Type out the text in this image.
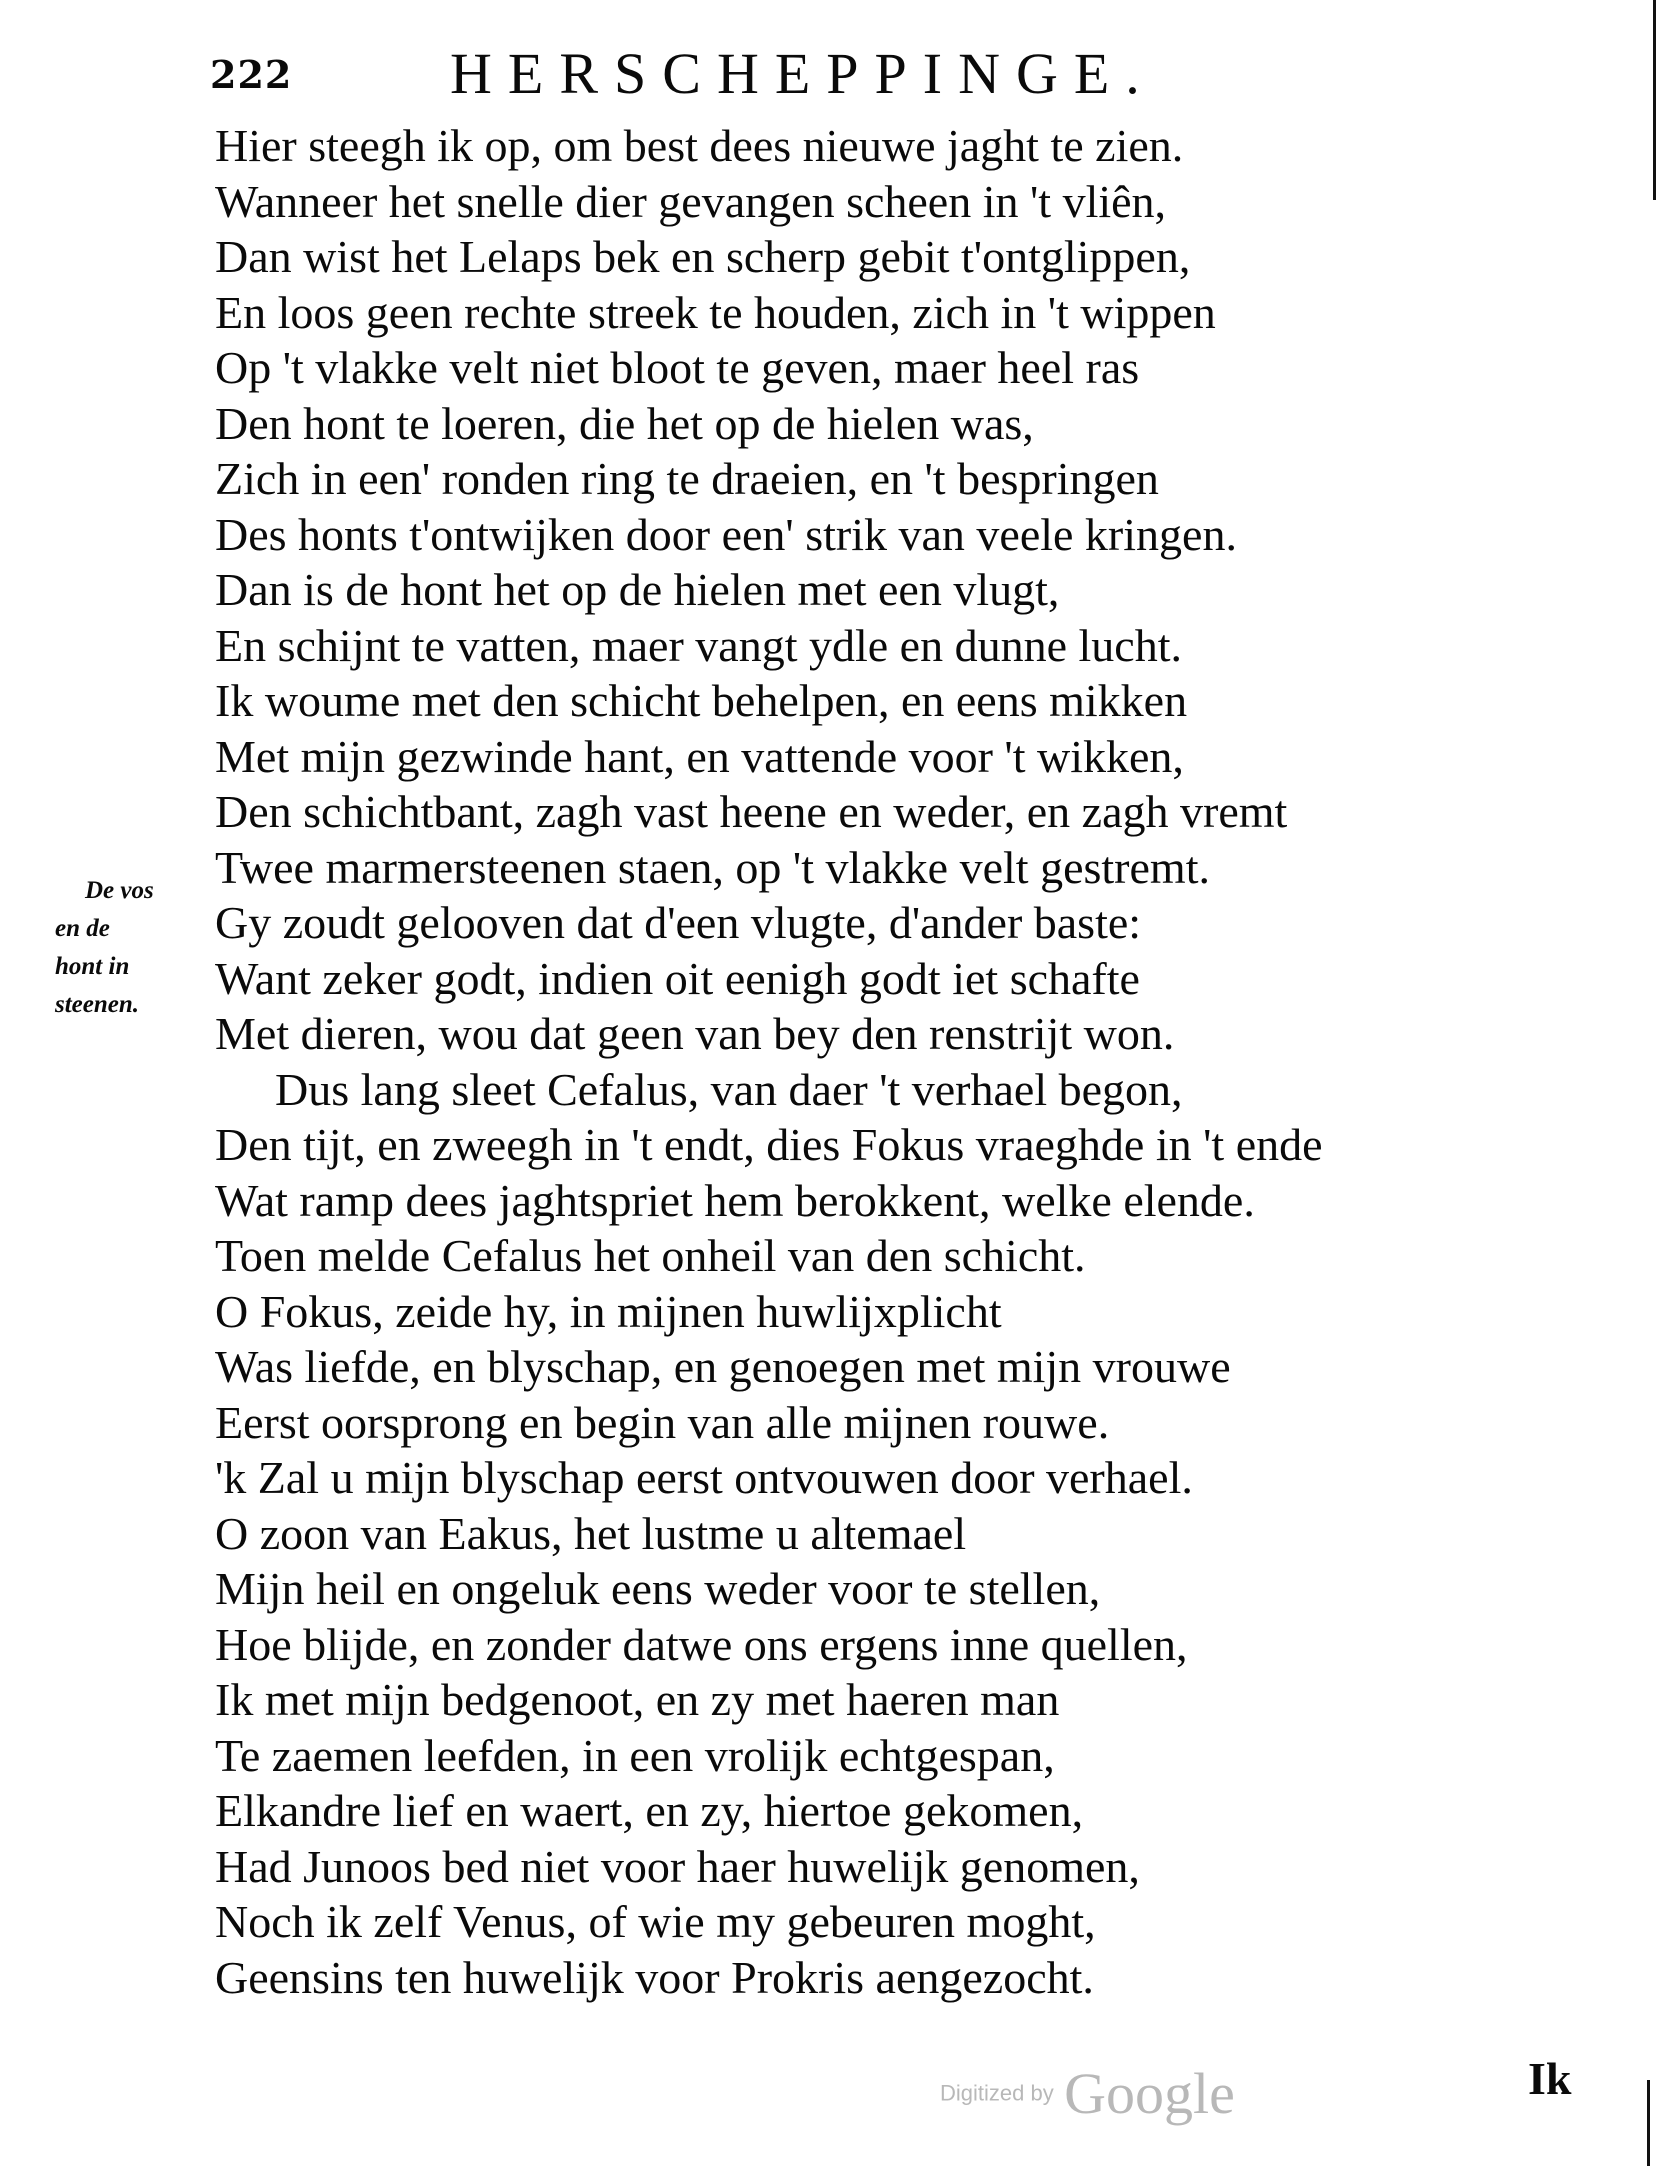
222	HERSCHEPPINGE.
De vos
en de
hont in
steenen.
Hier steegh ik op, om best dees nieuwe jaght te zien.
Wanneer het snelle dier gevangen scheen in 't vliên,
Dan wist het Lelaps bek en scherp gebit t'ontglippen,
En loos geen rechte streek te houden, zich in 't wippen
Op 't vlakke velt niet bloot te geven, maer heel ras
Den hont te loeren, die het op de hielen was,
Zich in een' ronden ring te draeien, en 't bespringen
Des honts t'ontwijken door een' strik van veele kringen.
Dan is de hont het op de hielen met een vlugt,
En schijnt te vatten, maer vangt ydle en dunne lucht.
Ik woume met den schicht behelpen, en eens mikken
Met mijn gezwinde hant, en vattende voor 't wikken,
Den schichtbant, zagh vast heene en weder, en zagh vremt
Twee marmersteenen staen, op 't vlakke velt gestremt.
Gy zoudt gelooven dat d'een vlugte, d'ander baste:
Want zeker godt, indien oit eenigh godt iet schafte
Met dieren, wou dat geen van bey den renstrijt won.
Dus lang sleet Cefalus, van daer 't verhael begon,
Den tijt, en zweegh in 't endt, dies Fokus vraeghde in 't ende
Wat ramp dees jaghtspriet hem berokkent, welke elende.
Toen melde Cefalus het onheil van den schicht.
O Fokus, zeide hy, in mijnen huwlijxplicht
Was liefde, en blyschap, en genoegen met mijn vrouwe
Eerst oorsprong en begin van alle mijnen rouwe.
'k Zal u mijn blyschap eerst ontvouwen door verhael.
O zoon van Eakus, het lustme u altemael
Mijn heil en ongeluk eens weder voor te stellen,
Hoe blijde, en zonder datwe ons ergens inne quellen,
Ik met mijn bedgenoot, en zy met haeren man
Te zaemen leefden, in een vrolijk echtgespan,
Elkandre lief en waert, en zy, hiertoe gekomen,
Had Junoos bed niet voor haer huwelijk genomen,
Noch ik zelf Venus, of wie my gebeuren moght,
Geensins ten huwelijk voor Prokris aengezocht.
Ik
Digitized by Google
